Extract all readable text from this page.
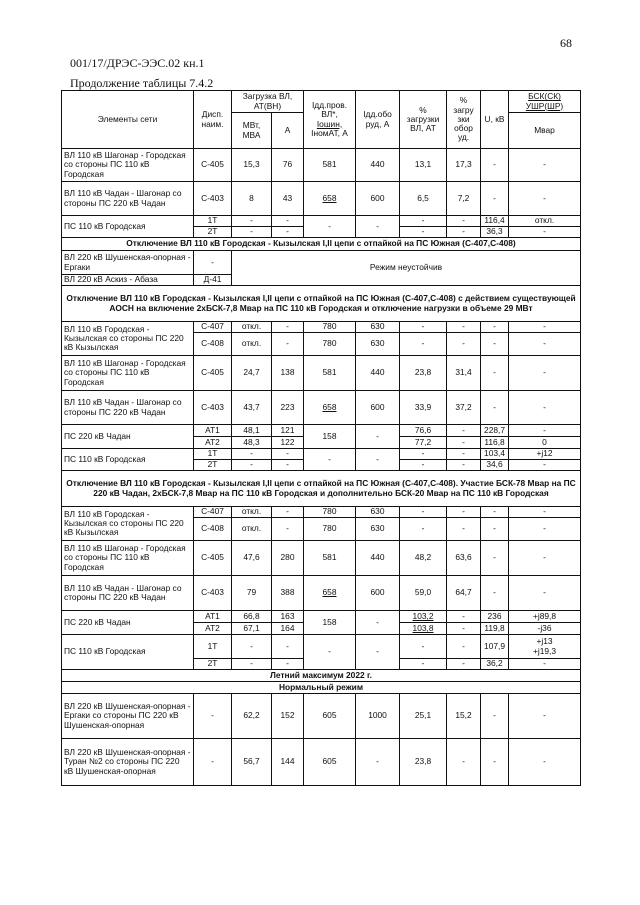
68
001/17/ДРЭС-ЭЭС.02 кн.1
Продолжение таблицы 7.4.2
Элементы сети	Дисп. наим.	Загрузка ВЛ, АТ(ВН)		Iдд.пров. ВЛ*,
Iошин,
IномАТ, А	Iдд.обо руд, А	% загрузки ВЛ, АТ	% загру зки обор уд.	U, кВ	БСК(СК) УШР(ШР)
		МВт, МВА	А						Мвар
ВЛ 110 кВ Шагонар - Городская со стороны ПС 110 кВ Городская	С-405	15,3	76	581	440	13,1	17,3	-	-
ВЛ 110 кВ Чадан - Шагонар со стороны ПС 220 кВ Чадан	С-403	8	43	658	600	6,5	7,2	-	-
ПС 110 кВ Городская	1Т	-	-	-	-	-	-	116,4	откл.
	2Т	-	-			-	-	36,3	-
Отключение ВЛ 110 кВ Городская - Кызылская I,II цепи с отпайкой на ПС Южная (С-407,С-408)									
ВЛ 220 кВ Шушенская-опорная - Ергаки	-	Режим неустойчив							
ВЛ 220 кВ Аскиз - Абаза	Д-41								
Отключение ВЛ 110 кВ Городская - Кызылская I,II цепи с отпайкой на ПС Южная (С-407,С-408) с действием существующей АОСН на включение 2хБСК-7,8 Мвар на ПС 110 кВ Городская и отключение нагрузки в объеме 29 МВт									
ВЛ 110 кВ Городская - Кызылская со стороны ПС 220 кВ Кызылская	С-407	откл.	-	780	630	-	-	-	-
	С-408	откл.	-	780	630	-	-	-	-
ВЛ 110 кВ Шагонар - Городская со стороны ПС 110 кВ Городская	С-405	24,7	138	581	440	23,8	31,4	-	-
ВЛ 110 кВ Чадан - Шагонар со стороны ПС 220 кВ Чадан	С-403	43,7	223	658	600	33,9	37,2	-	-
ПС 220 кВ Чадан	АТ1	48,1	121	158	-	76,6	-	228,7	-
	АТ2	48,3	122			77,2	-	116,8	0
ПС 110 кВ Городская	1Т	-	-	-	-	-	-	103,4	+j12
	2Т	-	-			-	-	34,6	-
Отключение ВЛ 110 кВ Городская - Кызылская I,II цепи с отпайкой на ПС Южная (С-407,С-408). Участие БСК-78 Мвар на ПС 220 кВ Чадан, 2хБСК-7,8 Мвар на ПС 110 кВ Городская и дополнительно БСК-20 Мвар на ПС 110 кВ Городская									
ВЛ 110 кВ Городская - Кызылская со стороны ПС 220 кВ Кызылская	С-407	откл.	-	780	630	-	-	-	-
	С-408	откл.	-	780	630	-	-	-	-
ВЛ 110 кВ Шагонар - Городская со стороны ПС 110 кВ Городская	С-405	47,6	280	581	440	48,2	63,6	-	-
ВЛ 110 кВ Чадан - Шагонар со стороны ПС 220 кВ Чадан	С-403	79	388	658	600	59,0	64,7	-	-
ПС 220 кВ Чадан	АТ1	66,8	163	158	-	103,2	-	236	+j89,8
	АТ2	67,1	164			103,8	-	119,8	-j36
ПС 110 кВ Городская	1Т	-	-	-	-	-	-	107,9	+j13
+j19,3
	2Т	-	-			-	-	36,2	-
Летний максимум 2022 г.									
Нормальный режим									
ВЛ 220 кВ Шушенская-опорная - Ергаки со стороны ПС 220 кВ Шушенская-опорная	-	62,2	152	605	1000	25,1	15,2	-	-
ВЛ 220 кВ Шушенская-опорная - Туран №2 со стороны ПС 220 кВ Шушенская-опорная	-	56,7	144	605	-	23,8	-	-	-
